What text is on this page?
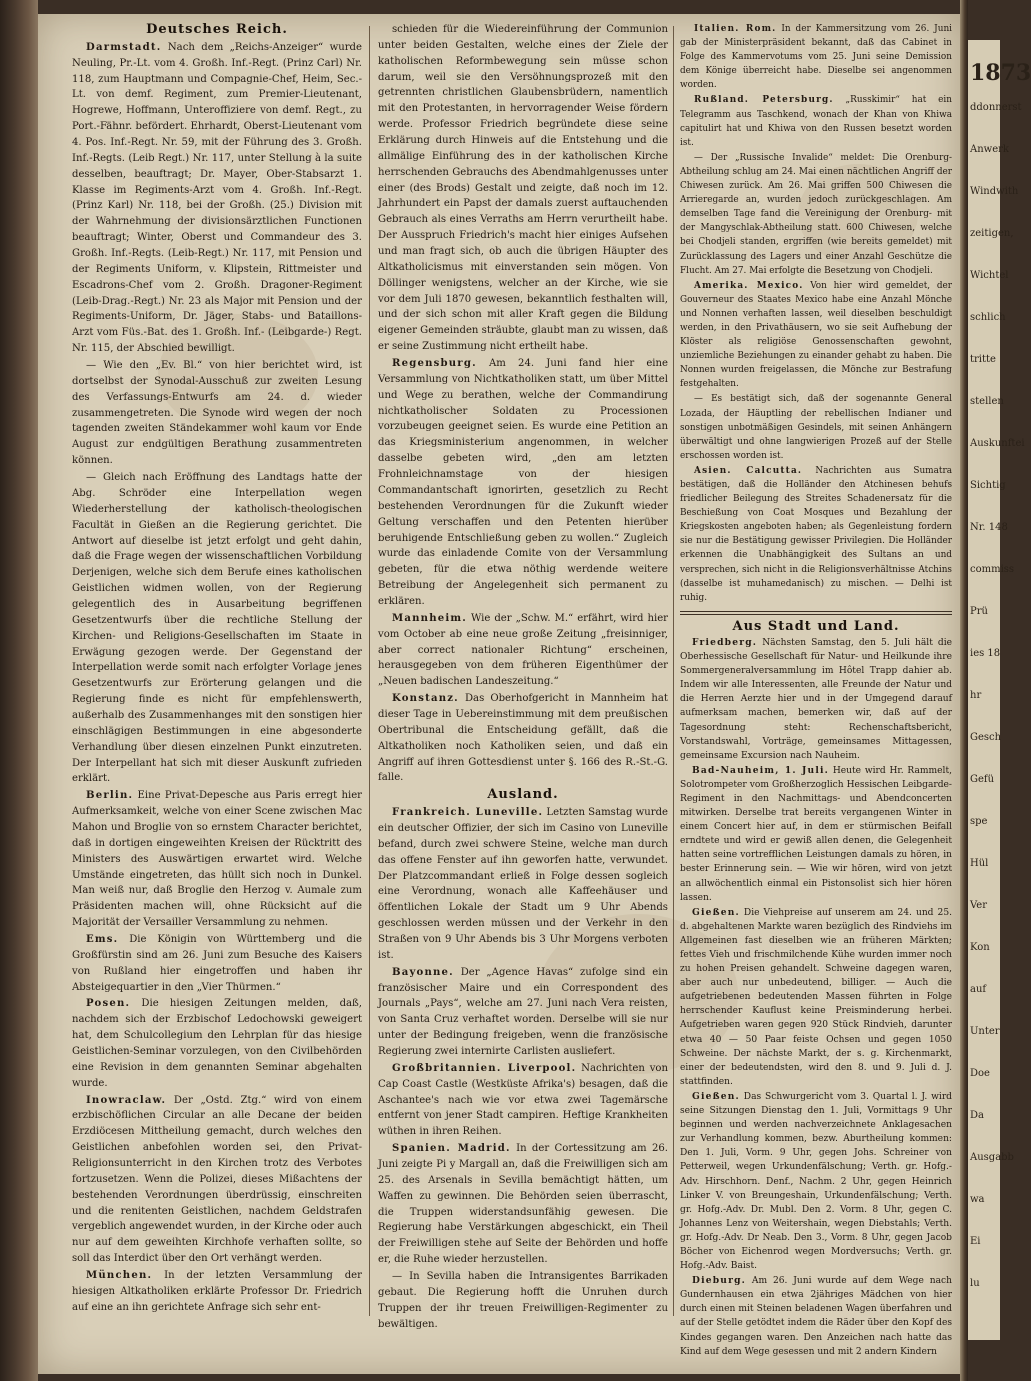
1873
ddonnerst
Anwerk
Windwith
zeitigen,
Wichtel
schlich
tritte
stellen
Auskunftei
Sichtig
Nr. 148
commiss
Prü
ies 18
hr
Gesch
Gefü
spe
Hül
Ver
Kon
auf
Unter
Doe
Da
Ausgabb
wa
Ei
lu
Deutsches Reich.

Darmstadt. Nach dem „Reichs-Anzeiger“ wurde Neuling, Pr.-Lt. vom 4. Großh. Inf.-Regt. (Prinz Carl) Nr. 118, zum Hauptmann und Compagnie-Chef, Heim, Sec.-Lt. von demf. Regiment, zum Premier-Lieutenant, Hogrewe, Hoffmann, Unteroffiziere von demf. Regt., zu Port.-Fähnr. befördert. Ehrhardt, Oberst-Lieutenant vom 4. Pos. Inf.-Regt. Nr. 59, mit der Führung des 3. Großh. Inf.-Regts. (Leib Regt.) Nr. 117, unter Stellung à la suite desselben, beauftragt; Dr. Mayer, Ober-Stabsarzt 1. Klasse im Regiments-Arzt vom 4. Großh. Inf.-Regt. (Prinz Karl) Nr. 118, bei der Großh. (25.) Division mit der Wahrnehmung der divisionsärztlichen Functionen beauftragt; Winter, Oberst und Commandeur des 3. Großh. Inf.-Regts. (Leib-Regt.) Nr. 117, mit Pension und der Regiments Uniform, v. Klipstein, Rittmeister und Escadrons-Chef vom 2. Großh. Dragoner-Regiment (Leib-Drag.-Regt.) Nr. 23 als Major mit Pension und der Regiments-Uniform, Dr. Jäger, Stabs- und Bataillons-Arzt vom Füs.-Bat. des 1. Großh. Inf.- (Leibgarde-) Regt. Nr. 115, der Abschied bewilligt.

— Wie den „Ev. Bl.“ von hier berichtet wird, ist dortselbst der Synodal-Ausschuß zur zweiten Lesung des Verfassungs-Entwurfs am 24. d. wieder zusammengetreten. Die Synode wird wegen der noch tagenden zweiten Ständekammer wohl kaum vor Ende August zur endgültigen Berathung zusammentreten können.

— Gleich nach Eröffnung des Landtags hatte der Abg. Schröder eine Interpellation wegen Wiederherstellung der katholisch-theologischen Facultät in Gießen an die Regierung gerichtet. Die Antwort auf dieselbe ist jetzt erfolgt und geht dahin, daß die Frage wegen der wissenschaftlichen Vorbildung Derjenigen, welche sich dem Berufe eines katholischen Geistlichen widmen wollen, von der Regierung gelegentlich des in Ausarbeitung begriffenen Gesetzentwurfs über die rechtliche Stellung der Kirchen- und Religions-Gesellschaften im Staate in Erwägung gezogen werde. Der Gegenstand der Interpellation werde somit nach erfolgter Vorlage jenes Gesetzentwurfs zur Erörterung gelangen und die Regierung finde es nicht für empfehlenswerth, außerhalb des Zusammenhanges mit den sonstigen hier einschlägigen Bestimmungen in eine abgesonderte Verhandlung über diesen einzelnen Punkt einzutreten. Der Interpellant hat sich mit dieser Auskunft zufrieden erklärt.

Berlin. Eine Privat-Depesche aus Paris erregt hier Aufmerksamkeit, welche von einer Scene zwischen Mac Mahon und Broglie von so ernstem Character berichtet, daß in dortigen eingeweihten Kreisen der Rücktritt des Ministers des Auswärtigen erwartet wird. Welche Umstände eingetreten, das hüllt sich noch in Dunkel. Man weiß nur, daß Broglie den Herzog v. Aumale zum Präsidenten machen will, ohne Rücksicht auf die Majorität der Versailler Versammlung zu nehmen.

Ems. Die Königin von Württemberg und die Großfürstin sind am 26. Juni zum Besuche des Kaisers von Rußland hier eingetroffen und haben ihr Absteigequartier in den „Vier Thürmen.“

Posen. Die hiesigen Zeitungen melden, daß, nachdem sich der Erzbischof Ledochowski geweigert hat, dem Schulcollegium den Lehrplan für das hiesige Geistlichen-Seminar vorzulegen, von den Civilbehörden eine Revision in dem genannten Seminar abgehalten wurde.

Inowraclaw. Der „Ostd. Ztg.“ wird von einem erzbischöflichen Circular an alle Decane der beiden Erzdiöcesen Mittheilung gemacht, durch welches den Geistlichen anbefohlen worden sei, den Privat-Religionsunterricht in den Kirchen trotz des Verbotes fortzusetzen. Wenn die Polizei, dieses Mißachtens der bestehenden Verordnungen überdrüssig, einschreiten und die renitenten Geistlichen, nachdem Geldstrafen vergeblich angewendet wurden, in der Kirche oder auch nur auf dem geweihten Kirchhofe verhaften sollte, so soll das Interdict über den Ort verhängt werden.

München. In der letzten Versammlung der hiesigen Altkatholiken erklärte Professor Dr. Friedrich auf eine an ihn gerichtete Anfrage sich sehr ent-

schieden für die Wiedereinführung der Communion unter beiden Gestalten, welche eines der Ziele der katholischen Reformbewegung sein müsse schon darum, weil sie den Versöhnungsprozeß mit den getrennten christlichen Glaubensbrüdern, namentlich mit den Protestanten, in hervorragender Weise fördern werde. Professor Friedrich begründete diese seine Erklärung durch Hinweis auf die Entstehung und die allmälige Einführung des in der katholischen Kirche herrschenden Gebrauchs des Abendmahlgenusses unter einer (des Brods) Gestalt und zeigte, daß noch im 12. Jahrhundert ein Papst der damals zuerst auftauchenden Gebrauch als eines Verraths am Herrn verurtheilt habe. Der Ausspruch Friedrich's macht hier einiges Aufsehen und man fragt sich, ob auch die übrigen Häupter des Altkatholicismus mit einverstanden sein mögen. Von Döllinger wenigstens, welcher an der Kirche, wie sie vor dem Juli 1870 gewesen, bekanntlich festhalten will, und der sich schon mit aller Kraft gegen die Bildung eigener Gemeinden sträubte, glaubt man zu wissen, daß er seine Zustimmung nicht ertheilt habe.

Regensburg. Am 24. Juni fand hier eine Versammlung von Nichtkatholiken statt, um über Mittel und Wege zu berathen, welche der Commandirung nichtkatholischer Soldaten zu Processionen vorzubeugen geeignet seien. Es wurde eine Petition an das Kriegsministerium angenommen, in welcher dasselbe gebeten wird, „den am letzten Frohnleichnamstage von der hiesigen Commandantschaft ignorirten, gesetzlich zu Recht bestehenden Verordnungen für die Zukunft wieder Geltung verschaffen und den Petenten hierüber beruhigende Entschließung geben zu wollen.“ Zugleich wurde das einladende Comite von der Versammlung gebeten, für die etwa nöthig werdende weitere Betreibung der Angelegenheit sich permanent zu erklären.

Mannheim. Wie der „Schw. M.“ erfährt, wird hier vom October ab eine neue große Zeitung „freisinniger, aber correct nationaler Richtung“ erscheinen, herausgegeben von dem früheren Eigenthümer der „Neuen badischen Landeszeitung.“

Konstanz. Das Oberhofgericht in Mannheim hat dieser Tage in Uebereinstimmung mit dem preußischen Obertribunal die Entscheidung gefällt, daß die Altkatholiken noch Katholiken seien, und daß ein Angriff auf ihren Gottesdienst unter §. 166 des R.-St.-G. falle.

Ausland.

Frankreich. Luneville. Letzten Samstag wurde ein deutscher Offizier, der sich im Casino von Luneville befand, durch zwei schwere Steine, welche man durch das offene Fenster auf ihn geworfen hatte, verwundet. Der Platzcommandant erließ in Folge dessen sogleich eine Verordnung, wonach alle Kaffeehäuser und öffentlichen Lokale der Stadt um 9 Uhr Abends geschlossen werden müssen und der Verkehr in den Straßen von 9 Uhr Abends bis 3 Uhr Morgens verboten ist.

Bayonne. Der „Agence Havas“ zufolge sind ein französischer Maire und ein Correspondent des Journals „Pays“, welche am 27. Juni nach Vera reisten, von Santa Cruz verhaftet worden. Derselbe will sie nur unter der Bedingung freigeben, wenn die französische Regierung zwei internirte Carlisten ausliefert.

Großbritannien. Liverpool. Nachrichten von Cap Coast Castle (Westküste Afrika's) besagen, daß die Aschantee's nach wie vor etwa zwei Tagemärsche entfernt von jener Stadt campiren. Heftige Krankheiten wüthen in ihren Reihen.

Spanien. Madrid. In der Cortessitzung am 26. Juni zeigte Pi y Margall an, daß die Freiwilligen sich am 25. des Arsenals in Sevilla bemächtigt hätten, um Waffen zu gewinnen. Die Behörden seien überrascht, die Truppen widerstandsunfähig gewesen. Die Regierung habe Verstärkungen abgeschickt, ein Theil der Freiwilligen stehe auf Seite der Behörden und hoffe er, die Ruhe wieder herzustellen.

— In Sevilla haben die Intransigentes Barrikaden gebaut. Die Regierung hofft die Unruhen durch Truppen der ihr treuen Freiwilligen-Regimenter zu bewältigen.

Italien. Rom. In der Kammersitzung vom 26. Juni gab der Ministerpräsident bekannt, daß das Cabinet in Folge des Kammervotums vom 25. Juni seine Demission dem Könige überreicht habe. Dieselbe sei angenommen worden.

Rußland. Petersburg. „Russkimir“ hat ein Telegramm aus Taschkend, wonach der Khan von Khiwa capitulirt hat und Khiwa von den Russen besetzt worden ist.

— Der „Russische Invalide“ meldet: Die Orenburg-Abtheilung schlug am 24. Mai einen nächtlichen Angriff der Chiwesen zurück. Am 26. Mai griffen 500 Chiwesen die Arrieregarde an, wurden jedoch zurückgeschlagen. Am demselben Tage fand die Vereinigung der Orenburg- mit der Mangyschlak-Abtheilung statt. 600 Chiwesen, welche bei Chodjeli standen, ergriffen (wie bereits gemeldet) mit Zurücklassung des Lagers und einer Anzahl Geschütze die Flucht. Am 27. Mai erfolgte die Besetzung von Chodjeli.

Amerika. Mexico. Von hier wird gemeldet, der Gouverneur des Staates Mexico habe eine Anzahl Mönche und Nonnen verhaften lassen, weil dieselben beschuldigt werden, in den Privathäusern, wo sie seit Aufhebung der Klöster als religiöse Genossenschaften gewohnt, unziemliche Beziehungen zu einander gehabt zu haben. Die Nonnen wurden freigelassen, die Mönche zur Bestrafung festgehalten.

— Es bestätigt sich, daß der sogenannte General Lozada, der Häuptling der rebellischen Indianer und sonstigen unbotmäßigen Gesindels, mit seinen Anhängern überwältigt und ohne langwierigen Prozeß auf der Stelle erschossen worden ist.

Asien. Calcutta. Nachrichten aus Sumatra bestätigen, daß die Holländer den Atchinesen behufs friedlicher Beilegung des Streites Schadenersatz für die Beschießung von Coat Mosques und Bezahlung der Kriegskosten angeboten haben; als Gegenleistung fordern sie nur die Bestätigung gewisser Privilegien. Die Holländer erkennen die Unabhängigkeit des Sultans an und versprechen, sich nicht in die Religionsverhältnisse Atchins (dasselbe ist muhamedanisch) zu mischen. — Delhi ist ruhig.

Aus Stadt und Land.

Friedberg. Nächsten Samstag, den 5. Juli hält die Oberhessische Gesellschaft für Natur- und Heilkunde ihre Sommergeneralversammlung im Hôtel Trapp dahier ab. Indem wir alle Interessenten, alle Freunde der Natur und die Herren Aerzte hier und in der Umgegend darauf aufmerksam machen, bemerken wir, daß auf der Tagesordnung steht: Rechenschaftsbericht, Vorstandswahl, Vorträge, gemeinsames Mittagessen, gemeinsame Excursion nach Nauheim.

Bad-Nauheim, 1. Juli. Heute wird Hr. Rammelt, Solotrompeter vom Großherzoglich Hessischen Leibgarde-Regiment in den Nachmittags- und Abendconcerten mitwirken. Derselbe trat bereits vergangenen Winter in einem Concert hier auf, in dem er stürmischen Beifall erndtete und wird er gewiß allen denen, die Gelegenheit hatten seine vortrefflichen Leistungen damals zu hören, in bester Erinnerung sein. — Wie wir hören, wird von jetzt an allwöchentlich einmal ein Pistonsolist sich hier hören lassen.

Gießen. Die Viehpreise auf unserem am 24. und 25. d. abgehaltenen Markte waren bezüglich des Rindviehs im Allgemeinen fast dieselben wie an früheren Märkten; fettes Vieh und frischmilchende Kühe wurden immer noch zu hohen Preisen gehandelt. Schweine dagegen waren, aber auch nur unbedeutend, billiger. — Auch die aufgetriebenen bedeutenden Massen führten in Folge herrschender Kauflust keine Preisminderung herbei. Aufgetrieben waren gegen 920 Stück Rindvieh, darunter etwa 40 — 50 Paar feiste Ochsen und gegen 1050 Schweine. Der nächste Markt, der s. g. Kirchenmarkt, einer der bedeutendsten, wird den 8. und 9. Juli d. J. stattfinden.

Gießen. Das Schwurgericht vom 3. Quartal l. J. wird seine Sitzungen Dienstag den 1. Juli, Vormittags 9 Uhr beginnen und werden nachverzeichnete Anklagesachen zur Verhandlung kommen, bezw. Aburtheilung kommen: Den 1. Juli, Vorm. 9 Uhr, gegen Johs. Schreiner von Petterweil, wegen Urkundenfälschung; Verth. gr. Hofg.-Adv. Hirschhorn. Denf., Nachm. 2 Uhr, gegen Heinrich Linker V. von Breungeshain, Urkundenfälschung; Verth. gr. Hofg.-Adv. Dr. Mubl. Den 2. Vorm. 8 Uhr, gegen C. Johannes Lenz von Weitershain, wegen Diebstahls; Verth. gr. Hofg.-Adv. Dr Neab. Den 3., Vorm. 8 Uhr, gegen Jacob Böcher von Eichenrod wegen Mordversuchs; Verth. gr. Hofg.-Adv. Baist.

Dieburg. Am 26. Juni wurde auf dem Wege nach Gundernhausen ein etwa 2jähriges Mädchen von hier durch einen mit Steinen beladenen Wagen überfahren und auf der Stelle getödtet indem die Räder über den Kopf des Kindes gegangen waren. Den Anzeichen nach hatte das Kind auf dem Wege gesessen und mit 2 andern Kindern
